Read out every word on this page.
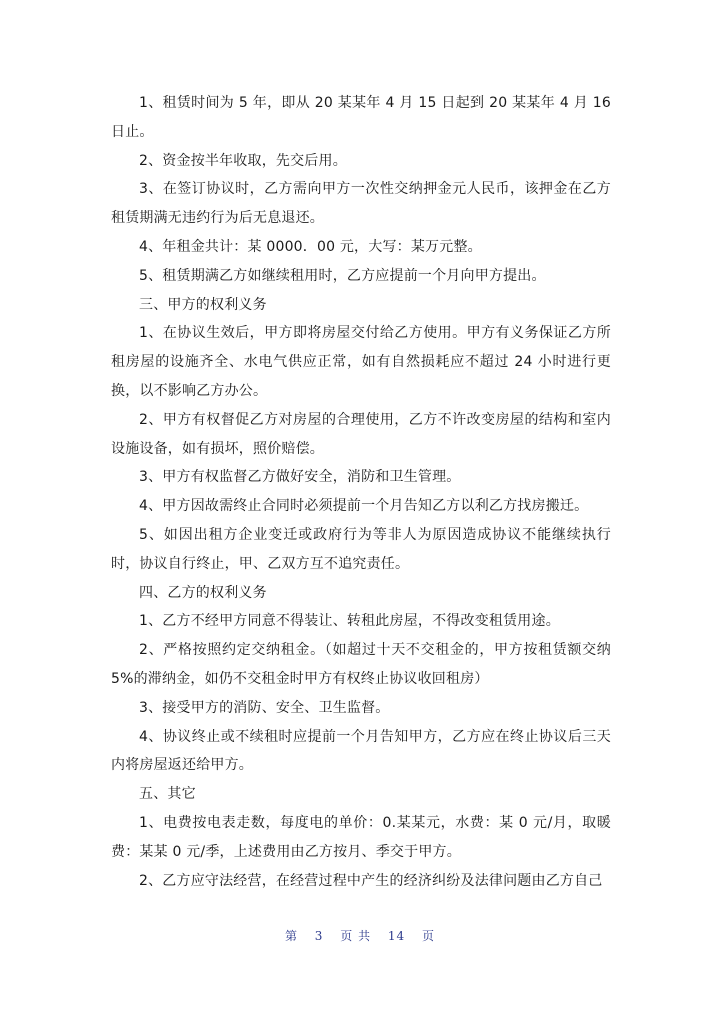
1、租赁时间为 5 年，即从 20 某某年 4 月 15 日起到 20 某某年 4 月 16 日止。

2、资金按半年收取，先交后用。

3、在签订协议时，乙方需向甲方一次性交纳押金元人民币，该押金在乙方租赁期满无违约行为后无息退还。

4、年租金共计：某 0000．00 元，大写：某万元整。

5、租赁期满乙方如继续租用时，乙方应提前一个月向甲方提出。

三、甲方的权利义务

1、在协议生效后，甲方即将房屋交付给乙方使用。甲方有义务保证乙方所租房屋的设施齐全、水电气供应正常，如有自然损耗应不超过 24 小时进行更换，以不影响乙方办公。

2、甲方有权督促乙方对房屋的合理使用，乙方不许改变房屋的结构和室内设施设备，如有损坏，照价赔偿。

3、甲方有权监督乙方做好安全，消防和卫生管理。

4、甲方因故需终止合同时必须提前一个月告知乙方以利乙方找房搬迁。

5、如因出租方企业变迁或政府行为等非人为原因造成协议不能继续执行时，协议自行终止，甲、乙双方互不追究责任。

四、乙方的权利义务

1、乙方不经甲方同意不得装让、转租此房屋，不得改变租赁用途。

2、严格按照约定交纳租金。（如超过十天不交租金的，甲方按租赁额交纳 5%的滞纳金，如仍不交租金时甲方有权终止协议收回租房）

3、接受甲方的消防、安全、卫生监督。

4、协议终止或不续租时应提前一个月告知甲方，乙方应在终止协议后三天内将房屋返还给甲方。

五、其它

1、电费按电表走数，每度电的单价：0.某某元，水费：某 0 元/月，取暖费：某某 0 元/季，上述费用由乙方按月、季交于甲方。

2、乙方应守法经营，在经营过程中产生的经济纠纷及法律问题由乙方自己

第 3 页 共 14 页
